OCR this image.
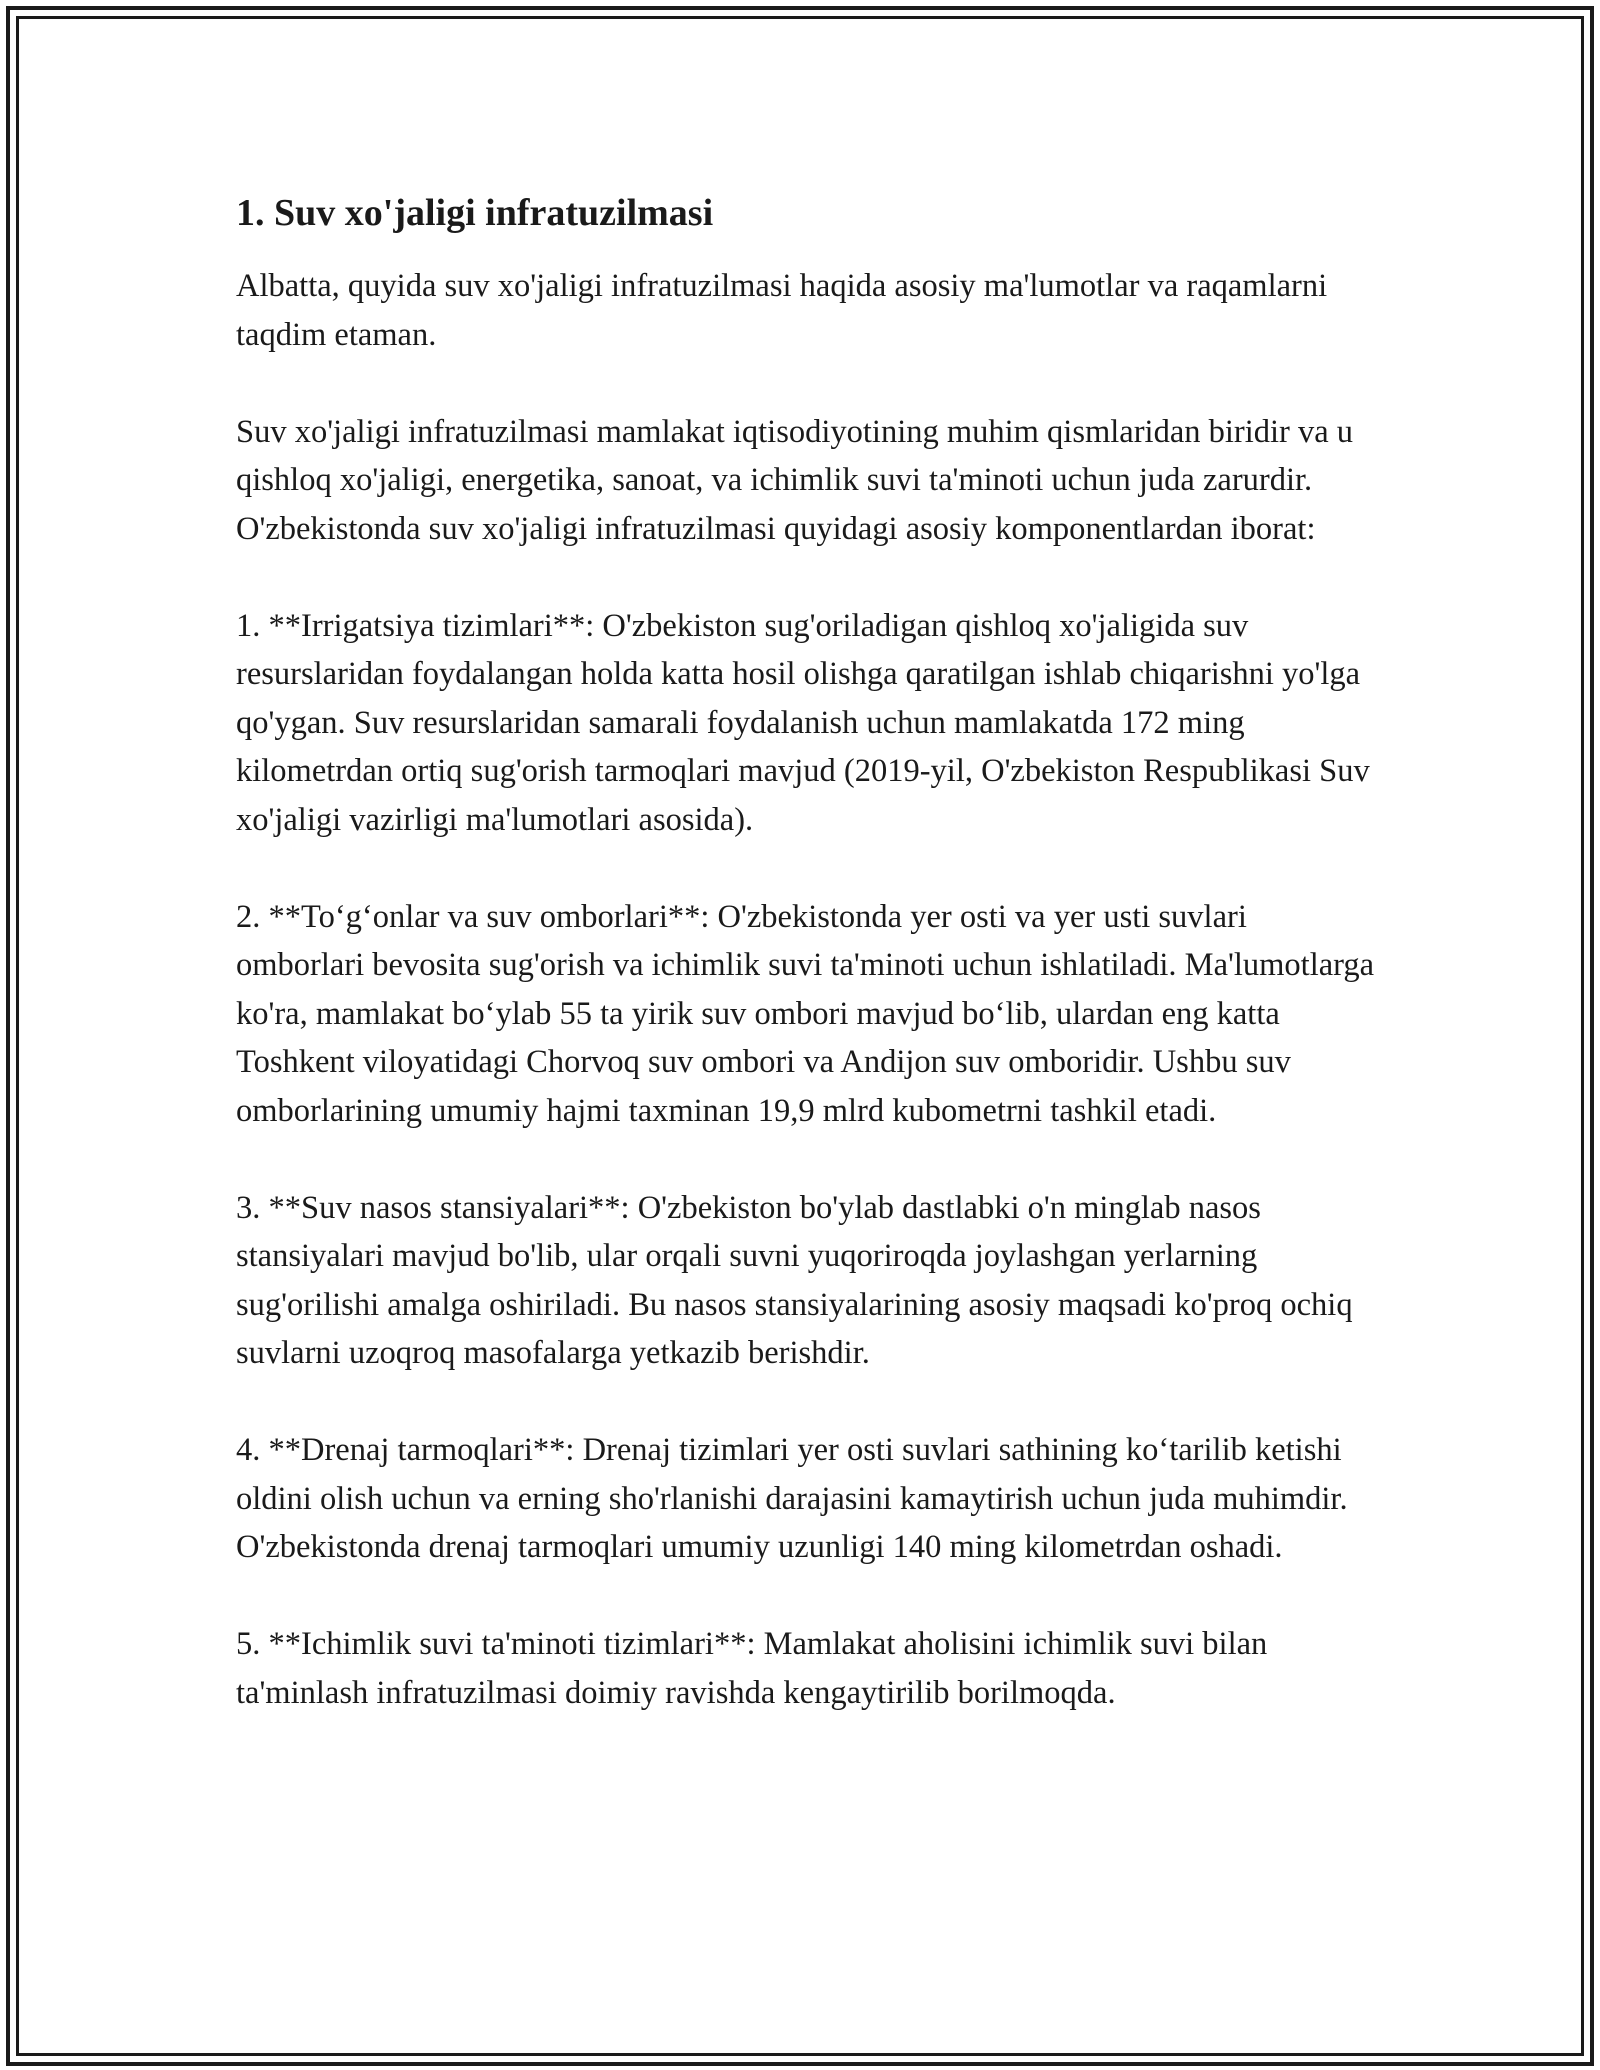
1. Suv xo'jaligi infratuzilmasi

Albatta, quyida suv xo'jaligi infratuzilmasi haqida asosiy ma'lumotlar va raqamlarni taqdim etaman.

Suv xo'jaligi infratuzilmasi mamlakat iqtisodiyotining muhim qismlaridan biridir va u qishloq xo'jaligi, energetika, sanoat, va ichimlik suvi ta'minoti uchun juda zarurdir. O'zbekistonda suv xo'jaligi infratuzilmasi quyidagi asosiy komponentlardan iborat:

1. **Irrigatsiya tizimlari**: O'zbekiston sug'oriladigan qishloq xo'jaligida suv resurslaridan foydalangan holda katta hosil olishga qaratilgan ishlab chiqarishni yo'lga qo'ygan. Suv resurslaridan samarali foydalanish uchun mamlakatda 172 ming kilometrdan ortiq sug'orish tarmoqlari mavjud (2019-yil, O'zbekiston Respublikasi Suv xo'jaligi vazirligi ma'lumotlari asosida).

2. **To‘g‘onlar va suv omborlari**: O'zbekistonda yer osti va yer usti suvlari omborlari bevosita sug'orish va ichimlik suvi ta'minoti uchun ishlatiladi. Ma'lumotlarga ko'ra, mamlakat bo‘ylab 55 ta yirik suv ombori mavjud bo‘lib, ulardan eng katta Toshkent viloyatidagi Chorvoq suv ombori va Andijon suv omboridir. Ushbu suv omborlarining umumiy hajmi taxminan 19,9 mlrd kubometrni tashkil etadi.

3. **Suv nasos stansiyalari**: O'zbekiston bo'ylab dastlabki o'n minglab nasos stansiyalari mavjud bo'lib, ular orqali suvni yuqoriroqda joylashgan yerlarning sug'orilishi amalga oshiriladi. Bu nasos stansiyalarining asosiy maqsadi ko'proq ochiq suvlarni uzoqroq masofalarga yetkazib berishdir.

4. **Drenaj tarmoqlari**: Drenaj tizimlari yer osti suvlari sathining ko‘tarilib ketishi oldini olish uchun va erning sho'rlanishi darajasini kamaytirish uchun juda muhimdir. O'zbekistonda drenaj tarmoqlari umumiy uzunligi 140 ming kilometrdan oshadi.

5. **Ichimlik suvi ta'minoti tizimlari**: Mamlakat aholisini ichimlik suvi bilan ta'minlash infratuzilmasi doimiy ravishda kengaytirilib borilmoqda.
